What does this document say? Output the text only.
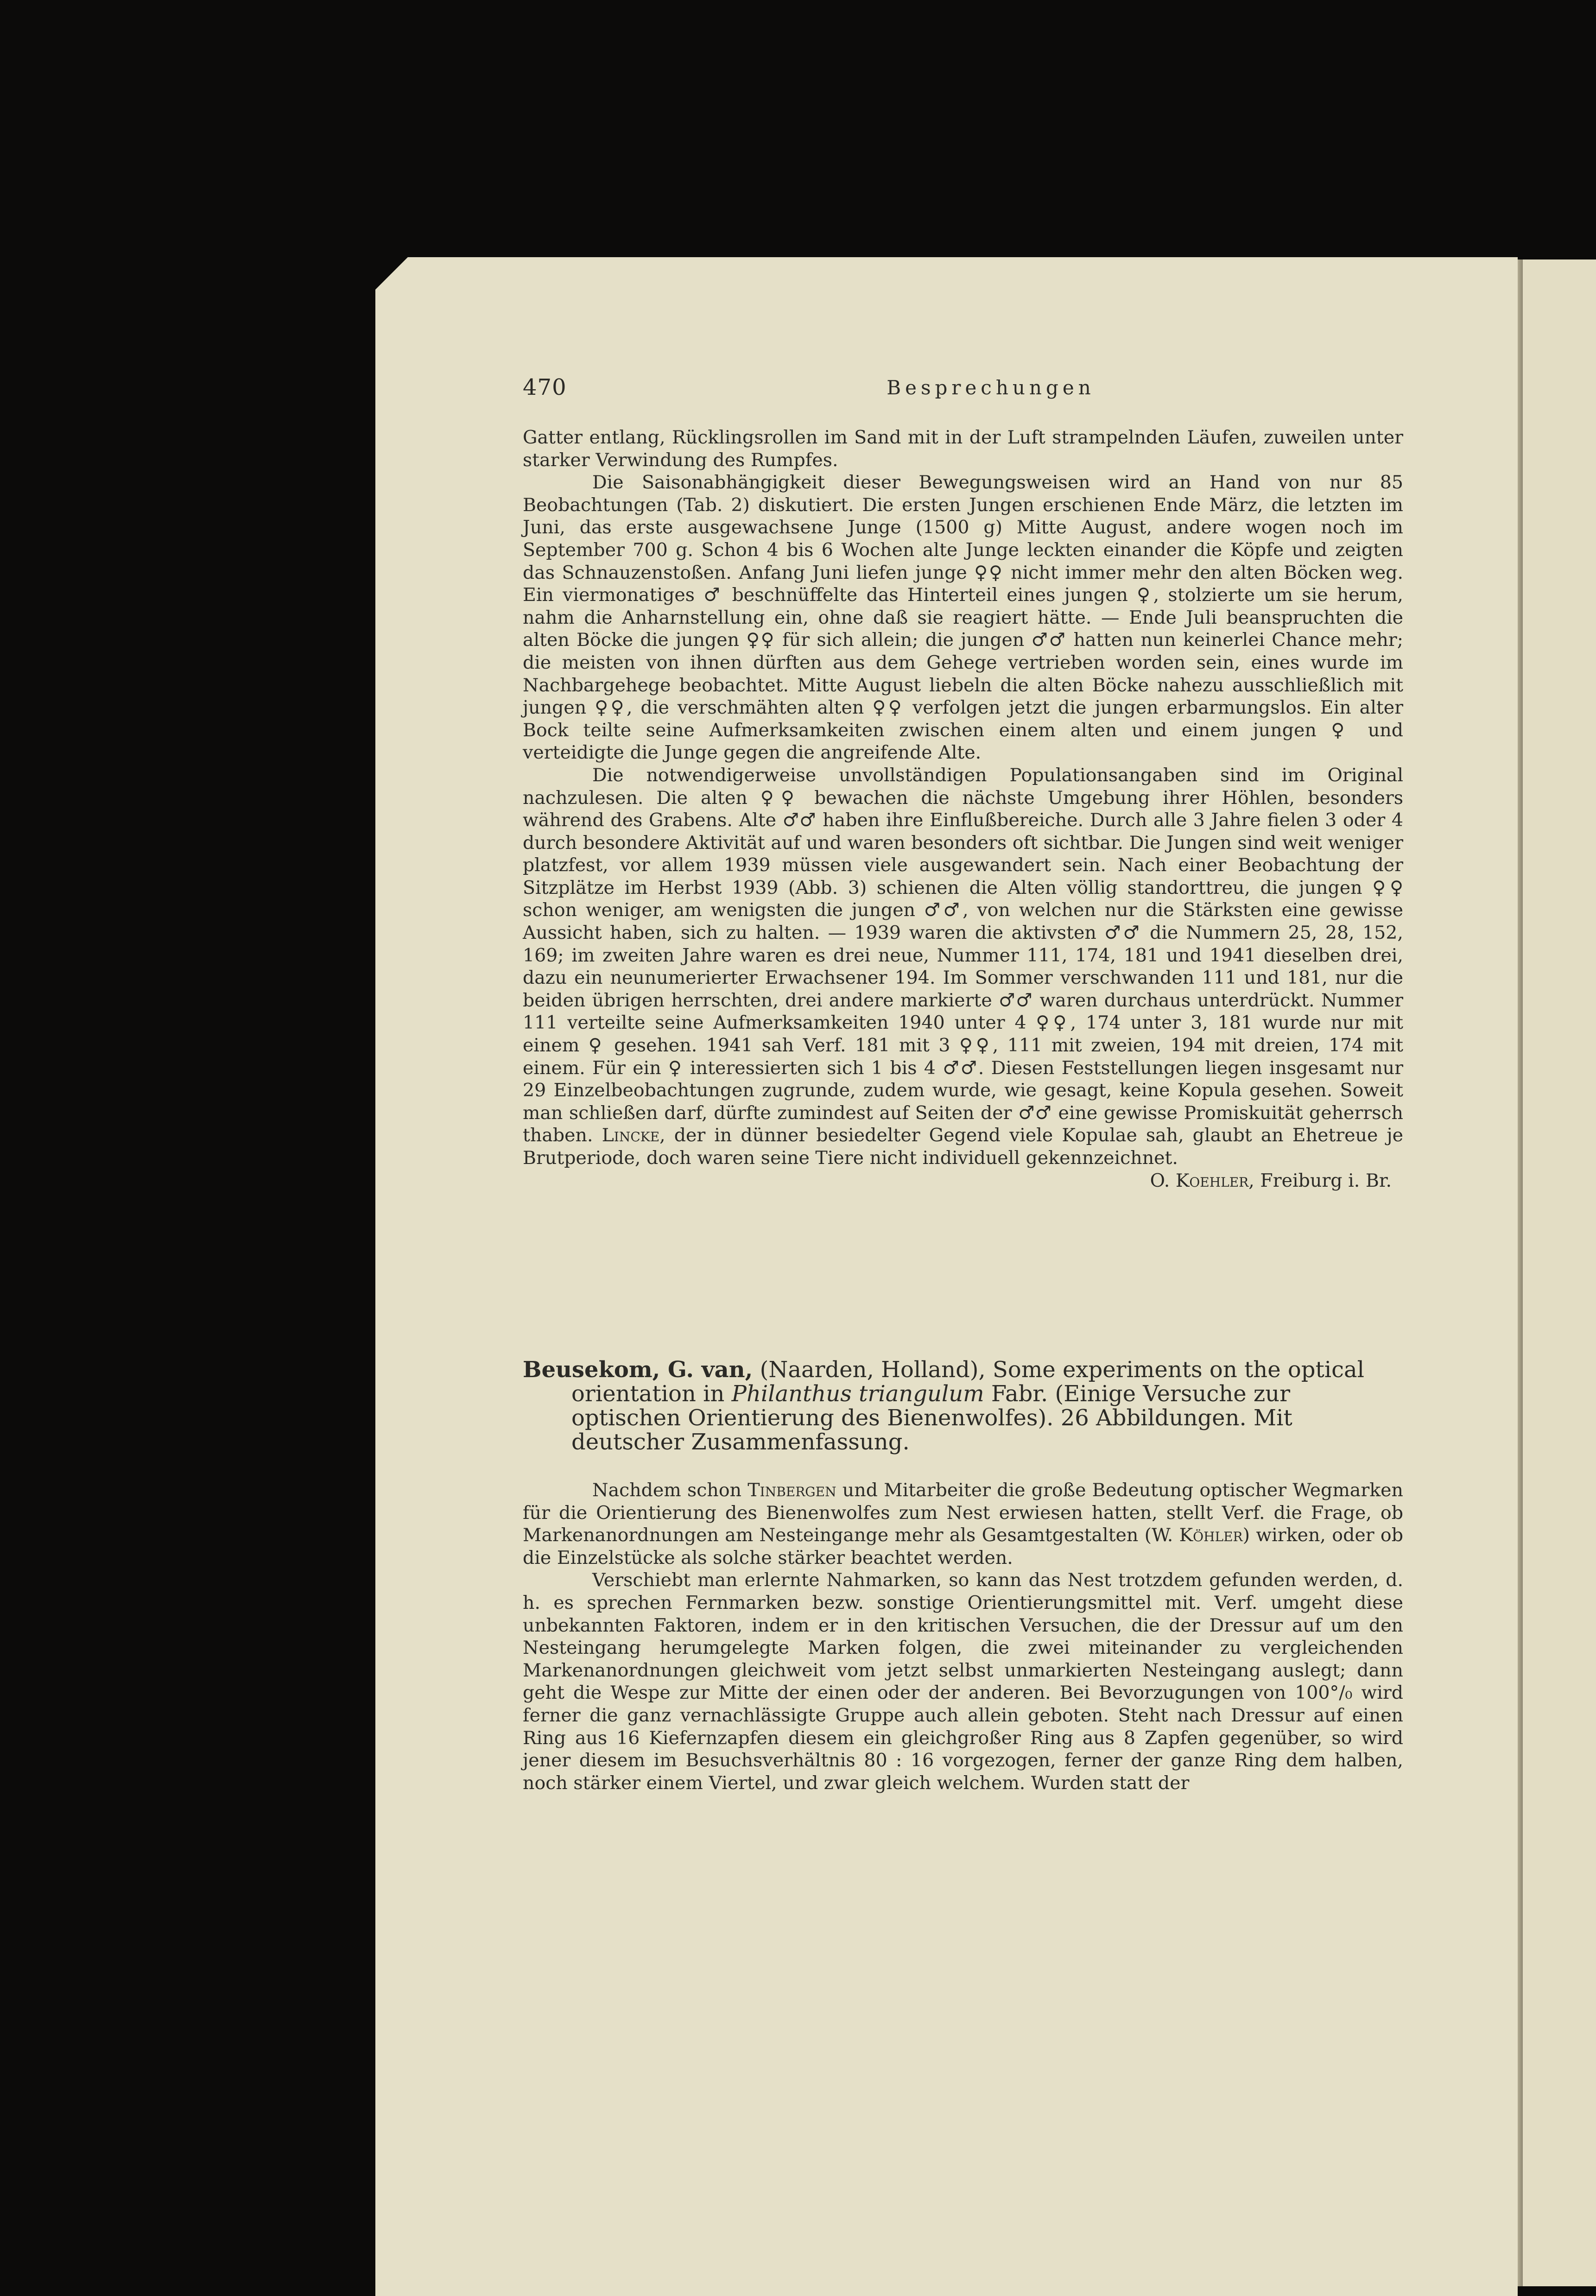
470	Besprechungen

Gatter entlang, Rücklingsrollen im Sand mit in der Luft strampelnden Läufen, zuweilen unter starker Verwindung des Rumpfes.

Die Saisonabhängigkeit dieser Bewegungsweisen wird an Hand von nur 85 Beobachtungen (Tab. 2) diskutiert. Die ersten Jungen erschienen Ende März, die letzten im Juni, das erste ausgewachsene Junge (1500 g) Mitte August, andere wogen noch im September 700 g. Schon 4 bis 6 Wochen alte Junge leckten einander die Köpfe und zeigten das Schnauzenstoßen. Anfang Juni liefen junge ♀♀ nicht immer mehr den alten Böcken weg. Ein viermonatiges ♂ beschnüffelte das Hinterteil eines jungen ♀, stolzierte um sie herum, nahm die Anharnstellung ein, ohne daß sie reagiert hätte. — Ende Juli beanspruchten die alten Böcke die jungen ♀♀ für sich allein; die jungen ♂♂ hatten nun keinerlei Chance mehr; die meisten von ihnen dürften aus dem Gehege vertrieben worden sein, eines wurde im Nachbargehege beobachtet. Mitte August liebeln die alten Böcke nahezu ausschließlich mit jungen ♀♀, die verschmähten alten ♀♀ verfolgen jetzt die jungen erbarmungslos. Ein alter Bock teilte seine Aufmerksamkeiten zwischen einem alten und einem jungen ♀ und verteidigte die Junge gegen die angreifende Alte.

Die notwendigerweise unvollständigen Populationsangaben sind im Original nachzulesen. Die alten ♀♀ bewachen die nächste Umgebung ihrer Höhlen, besonders während des Grabens. Alte ♂♂ haben ihre Einflußbereiche. Durch alle 3 Jahre fielen 3 oder 4 durch besondere Aktivität auf und waren besonders oft sichtbar. Die Jungen sind weit weniger platzfest, vor allem 1939 müssen viele ausgewandert sein. Nach einer Beobachtung der Sitzplätze im Herbst 1939 (Abb. 3) schienen die Alten völlig standorttreu, die jungen ♀♀ schon weniger, am wenigsten die jungen ♂♂, von welchen nur die Stärksten eine gewisse Aussicht haben, sich zu halten. — 1939 waren die aktivsten ♂♂ die Nummern 25, 28, 152, 169; im zweiten Jahre waren es drei neue, Nummer 111, 174, 181 und 1941 dieselben drei, dazu ein neunumerierter Erwachsener 194. Im Sommer verschwanden 111 und 181, nur die beiden übrigen herrschten, drei andere markierte ♂♂ waren durchaus unterdrückt. Nummer 111 verteilte seine Aufmerksamkeiten 1940 unter 4 ♀♀, 174 unter 3, 181 wurde nur mit einem ♀ gesehen. 1941 sah Verf. 181 mit 3 ♀♀, 111 mit zweien, 194 mit dreien, 174 mit einem. Für ein ♀ interessierten sich 1 bis 4 ♂♂. Diesen Feststellungen liegen insgesamt nur 29 Einzelbeobachtungen zugrunde, zudem wurde, wie gesagt, keine Kopula gesehen. Soweit man schließen darf, dürfte zumindest auf Seiten der ♂♂ eine gewisse Promiskuität geherrsch thaben. Lincke, der in dünner besiedelter Gegend viele Kopulae sah, glaubt an Ehetreue je Brutperiode, doch waren seine Tiere nicht individuell gekennzeichnet.

O. Koehler, Freiburg i. Br.
Beusekom, G. van, (Naarden, Holland), Some experiments on the optical orientation in Philanthus triangulum Fabr. (Einige Versuche zur optischen Orientierung des Bienenwolfes). 26 Abbildungen. Mit deutscher Zusammenfassung.

Nachdem schon Tinbergen und Mitarbeiter die große Bedeutung optischer Wegmarken für die Orientierung des Bienenwolfes zum Nest erwiesen hatten, stellt Verf. die Frage, ob Markenanordnungen am Nesteingange mehr als Gesamtgestalten (W. Köhler) wirken, oder ob die Einzelstücke als solche stärker beachtet werden.

Verschiebt man erlernte Nahmarken, so kann das Nest trotzdem gefunden werden, d. h. es sprechen Fernmarken bezw. sonstige Orientierungsmittel mit. Verf. umgeht diese unbekannten Faktoren, indem er in den kritischen Versuchen, die der Dressur auf um den Nesteingang herumgelegte Marken folgen, die zwei miteinander zu vergleichenden Markenanordnungen gleichweit vom jetzt selbst unmarkierten Nesteingang auslegt; dann geht die Wespe zur Mitte der einen oder der anderen. Bei Bevorzugungen von 100°/₀ wird ferner die ganz vernachlässigte Gruppe auch allein geboten. Steht nach Dressur auf einen Ring aus 16 Kiefernzapfen diesem ein gleichgroßer Ring aus 8 Zapfen gegenüber, so wird jener diesem im Besuchsverhältnis 80 : 16 vorgezogen, ferner der ganze Ring dem halben, noch stärker einem Viertel, und zwar gleich welchem. Wurden statt der
